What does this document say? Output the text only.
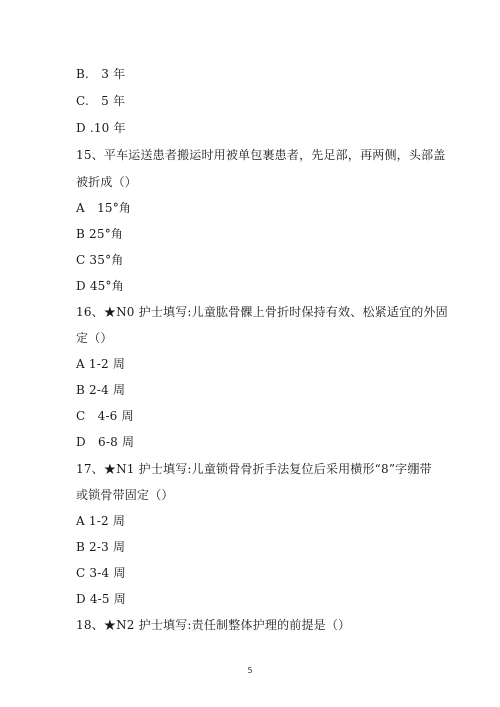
B.　3 年
C.　5 年
D .10 年
15、平车运送患者搬运时用被单包裹患者，先足部，再两侧，头部盖
被折成（）
A　15°角
B 25°角
C 35°角
D 45°角
16、★N0 护士填写:儿童肱骨髁上骨折时保持有效、松紧适宜的外固
定（）
A 1-2 周
B 2-4 周
C　4-6 周
D　6-8 周
17、★N1 护士填写:儿童锁骨骨折手法复位后采用横形“8”字绷带
或锁骨带固定（）
A 1-2 周
B 2-3 周
C 3-4 周
D 4-5 周
18、★N2 护士填写:责任制整体护理的前提是（）
5
